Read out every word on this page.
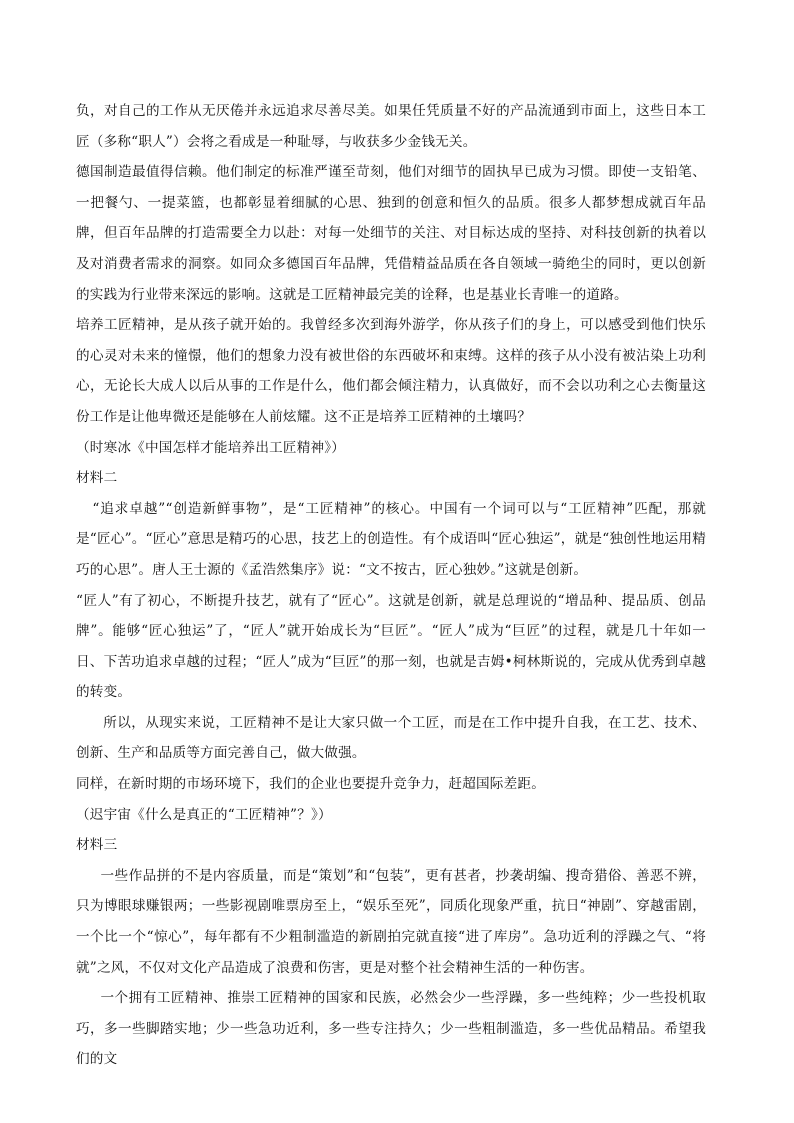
负，对自己的工作从无厌倦并永远追求尽善尽美。如果任凭质量不好的产品流通到市面上，这些日本工匠（多称“职人”）会将之看成是一种耻辱，与收获多少金钱无关。

德国制造最值得信赖。他们制定的标准严谨至苛刻，他们对细节的固执早已成为习惯。即使一支铅笔、一把餐勺、一提菜篮，也都彰显着细腻的心思、独到的创意和恒久的品质。很多人都梦想成就百年品牌，但百年品牌的打造需要全力以赴：对每一处细节的关注、对目标达成的坚持、对科技创新的执着以及对消费者需求的洞察。如同众多德国百年品牌，凭借精益品质在各自领域一骑绝尘的同时，更以创新的实践为行业带来深远的影响。这就是工匠精神最完美的诠释，也是基业长青唯一的道路。

培养工匠精神，是从孩子就开始的。我曾经多次到海外游学，你从孩子们的身上，可以感受到他们快乐的心灵对未来的憧憬，他们的想象力没有被世俗的东西破坏和束缚。这样的孩子从小没有被沾染上功利心，无论长大成人以后从事的工作是什么，他们都会倾注精力，认真做好，而不会以功利之心去衡量这份工作是让他卑微还是能够在人前炫耀。这不正是培养工匠精神的土壤吗？

（时寒冰《中国怎样才能培养出工匠精神》）

材料二

“追求卓越”“创造新鲜事物”，是“工匠精神”的核心。中国有一个词可以与“工匠精神”匹配，那就是“匠心”。“匠心”意思是精巧的心思，技艺上的创造性。有个成语叫“匠心独运”，就是“独创性地运用精巧的心思”。唐人王士源的《孟浩然集序》说：“文不按古，匠心独妙。”这就是创新。

“匠人”有了初心，不断提升技艺，就有了“匠心”。这就是创新，就是总理说的“增品种、提品质、创品牌”。能够“匠心独运”了，“匠人”就开始成长为“巨匠”。“匠人”成为“巨匠”的过程，就是几十年如一日、下苦功追求卓越的过程；“匠人”成为“巨匠”的那一刻，也就是吉姆•柯林斯说的，完成从优秀到卓越的转变。

所以，从现实来说，工匠精神不是让大家只做一个工匠，而是在工作中提升自我，在工艺、技术、创新、生产和品质等方面完善自己，做大做强。

同样，在新时期的市场环境下，我们的企业也要提升竞争力，赶超国际差距。

（迟宇宙《什么是真正的“工匠精神”？》）

材料三

一些作品拼的不是内容质量，而是“策划”和“包装”，更有甚者，抄袭胡编、搜奇猎俗、善恶不辨，只为博眼球赚银两；一些影视剧唯票房至上，“娱乐至死”，同质化现象严重，抗日“神剧”、穿越雷剧，一个比一个“惊心”，每年都有不少粗制滥造的新剧拍完就直接“进了库房”。急功近利的浮躁之气、“将就”之风，不仅对文化产品造成了浪费和伤害，更是对整个社会精神生活的一种伤害。

一个拥有工匠精神、推崇工匠精神的国家和民族，必然会少一些浮躁，多一些纯粹；少一些投机取巧，多一些脚踏实地；少一些急功近利，多一些专注持久；少一些粗制滥造，多一些优品精品。希望我们的文
